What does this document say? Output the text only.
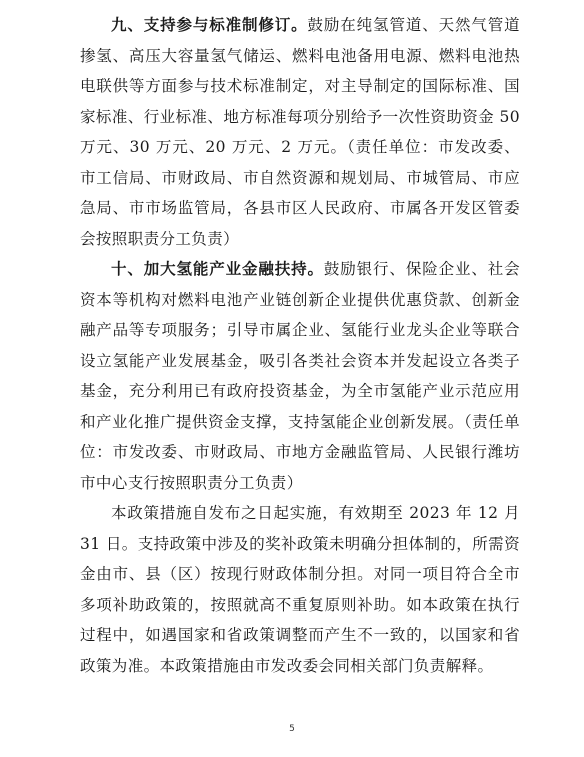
九、支持参与标准制修订。鼓励在纯氢管道、天然气管道掺氢、高压大容量氢气储运、燃料电池备用电源、燃料电池热电联供等方面参与技术标准制定，对主导制定的国际标准、国家标准、行业标准、地方标准每项分别给予一次性资助资金 50 万元、30 万元、20 万元、2 万元。（责任单位：市发改委、市工信局、市财政局、市自然资源和规划局、市城管局、市应急局、市市场监管局，各县市区人民政府、市属各开发区管委会按照职责分工负责）

十、加大氢能产业金融扶持。鼓励银行、保险企业、社会资本等机构对燃料电池产业链创新企业提供优惠贷款、创新金融产品等专项服务；引导市属企业、氢能行业龙头企业等联合设立氢能产业发展基金，吸引各类社会资本并发起设立各类子基金，充分利用已有政府投资基金，为全市氢能产业示范应用和产业化推广提供资金支撑，支持氢能企业创新发展。（责任单位：市发改委、市财政局、市地方金融监管局、人民银行潍坊市中心支行按照职责分工负责）

本政策措施自发布之日起实施，有效期至 2023 年 12 月 31 日。支持政策中涉及的奖补政策未明确分担体制的，所需资金由市、县（区）按现行财政体制分担。对同一项目符合全市多项补助政策的，按照就高不重复原则补助。如本政策在执行过程中，如遇国家和省政策调整而产生不一致的，以国家和省政策为准。本政策措施由市发改委会同相关部门负责解释。

5
